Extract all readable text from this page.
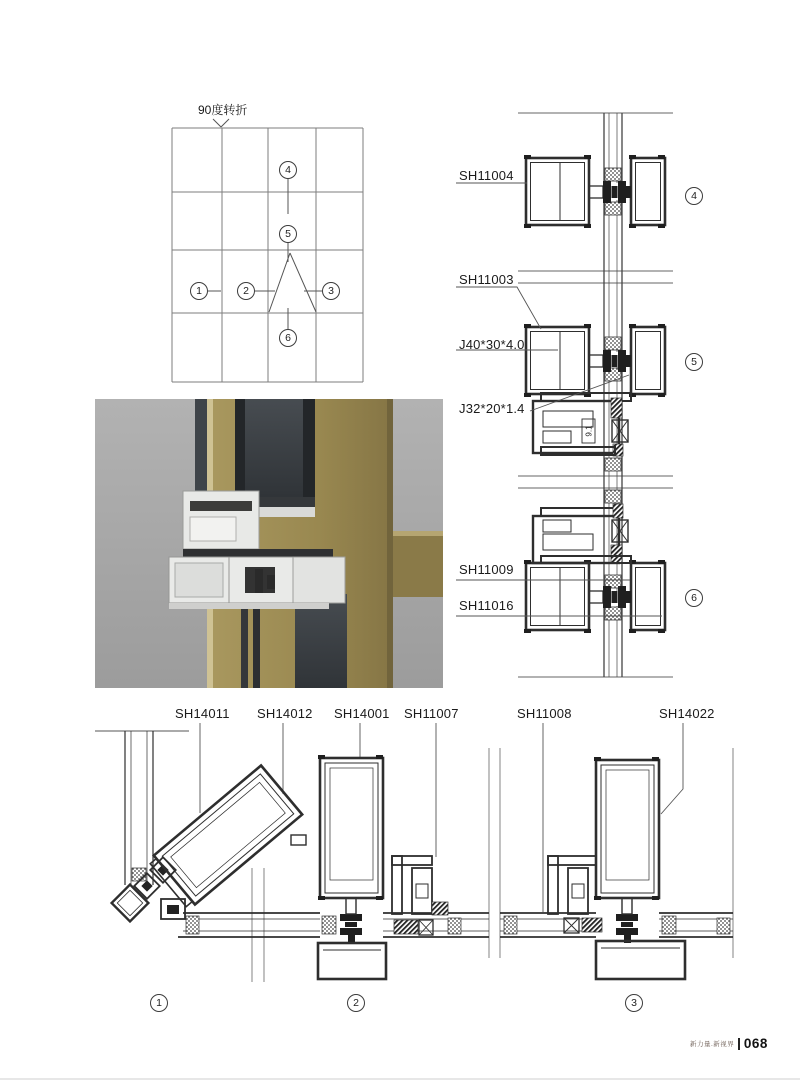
90度转折
1	2	3
4
5
6
9.1
SH11004
SH11003
J40*30*4.0
J32*20*1.4
SH11009
SH11016
4
5
6
SH14011 SH14012 SH14001 SH11007	SH11008	SH14022
1	2	3
新力量.新视界 068
